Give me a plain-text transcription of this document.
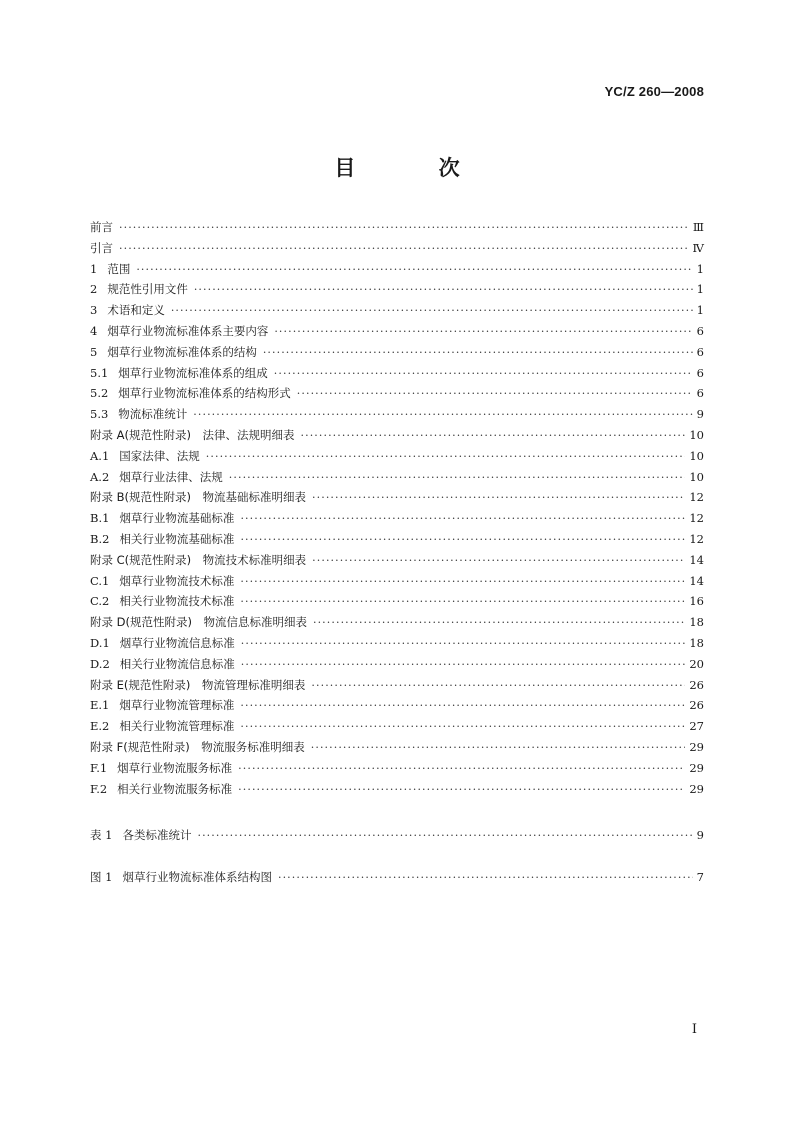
YC/Z 260—2008
目 次
前言 ·····	Ⅲ
引言 ·····	Ⅳ
1 范围 ·····	1
2 规范性引用文件 ·····	1
3 术语和定义 ·····	1
4 烟草行业物流标准体系主要内容 ·····	6
5 烟草行业物流标准体系的结构 ·····	6
5.1 烟草行业物流标准体系的组成 ·····	6
5.2 烟草行业物流标准体系的结构形式 ·····	6
5.3 物流标准统计 ·····	9
附录 A(规范性附录)　法律、法规明细表 ·····	10
A.1 国家法律、法规 ·····	10
A.2 烟草行业法律、法规 ·····	10
附录 B(规范性附录)　物流基础标准明细表 ·····	12
B.1 烟草行业物流基础标准 ·····	12
B.2 相关行业物流基础标准 ·····	12
附录 C(规范性附录)　物流技术标准明细表 ·····	14
C.1 烟草行业物流技术标准 ·····	14
C.2 相关行业物流技术标准 ·····	16
附录 D(规范性附录)　物流信息标准明细表 ·····	18
D.1 烟草行业物流信息标准 ·····	18
D.2 相关行业物流信息标准 ·····	20
附录 E(规范性附录)　物流管理标准明细表 ·····	26
E.1 烟草行业物流管理标准 ·····	26
E.2 相关行业物流管理标准 ·····	27
附录 F(规范性附录)　物流服务标准明细表 ·····	29
F.1 烟草行业物流服务标准 ·····	29
F.2 相关行业物流服务标准 ·····	29
表 1 各类标准统计 ·····	9
图 1 烟草行业物流标准体系结构图 ·····	7
I
